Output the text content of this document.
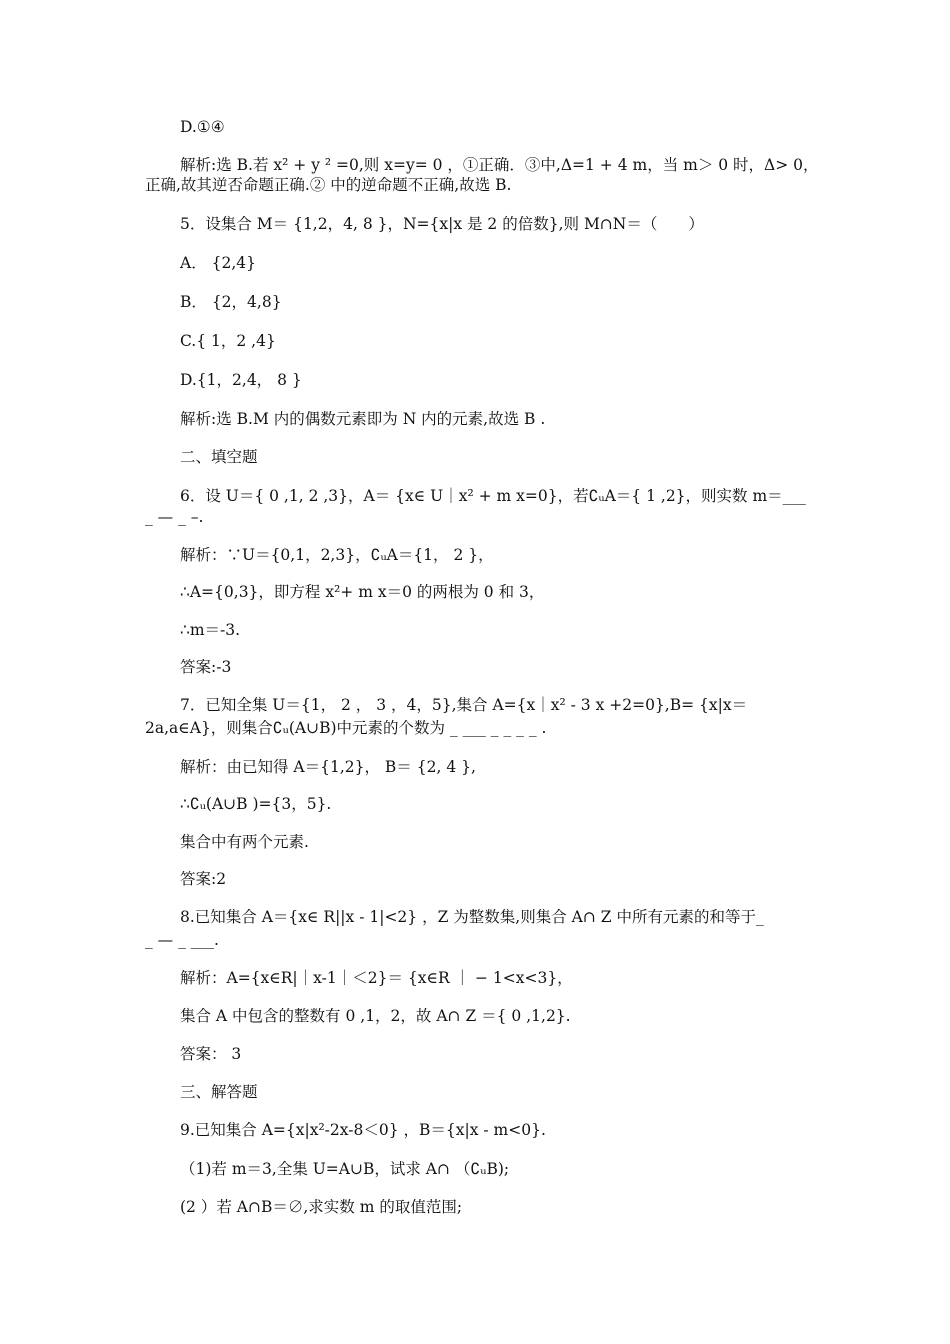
D.①④
解析:选 B.若 x² + y ² =0,则 x=y= 0 ，①正确．③中,Δ=1 + 4 m，当 m＞ 0 时，Δ> 0，
正确,故其逆否命题正确.② 中的逆命题不正确,故选 B.
5．设集合 M＝ {1,2，4, 8 }，N={x|x 是 2 的倍数},则 M∩N＝（　　）
A． {2,4}
B． {2，4,8}
C.{ 1，2 ,4}
D.{1，2,4， 8 }
解析:选 B.M 内的偶数元素即为 N 内的元素,故选 B .
二、填空题
6．设 U＝{ 0 ,1, 2 ,3}，A＝ {x∈ U｜x² + m x=0}，若∁ᵤA＝{ 1 ,2}，则实数 m＝___
_ — _ –.
解析：∵U＝{0,1，2,3}，∁ᵤA＝{1， 2 }，
∴A={0,3}，即方程 x²+ m x＝0 的两根为 0 和 3，
∴m＝-3.
答案:-3
7．已知全集 U＝{1， 2 ， 3 ，4，5},集合 A={x｜x² - 3 x +2=0},B= {x|x＝
2a,a∈A}，则集合∁ᵤ(A∪B)中元素的个数为 _ ___ _ _ _ _ .
解析：由已知得 A＝{1,2}， B＝ {2, 4 },
∴∁ᵤ(A∪B )={3，5}.
集合中有两个元素.
答案:2
8.已知集合 A＝{x∈ R||x - 1|<2} ，Z 为整数集,则集合 A∩ Z 中所有元素的和等于_
_ — _ ___.
解析：A={x∈R|｜x-1｜＜2}＝ {x∈R ｜ − 1<x<3}，
集合 A 中包含的整数有 0 ,1，2，故 A∩ Z ＝{ 0 ,1,2}.
答案： 3
三、解答题
9.已知集合 A={x|x²-2x-8＜0} ，B＝{x|x - m<0}.
（1)若 m＝3,全集 U=A∪B，试求 A∩ （∁ᵤB);
(2 ）若 A∩B＝∅,求实数 m 的取值范围;
